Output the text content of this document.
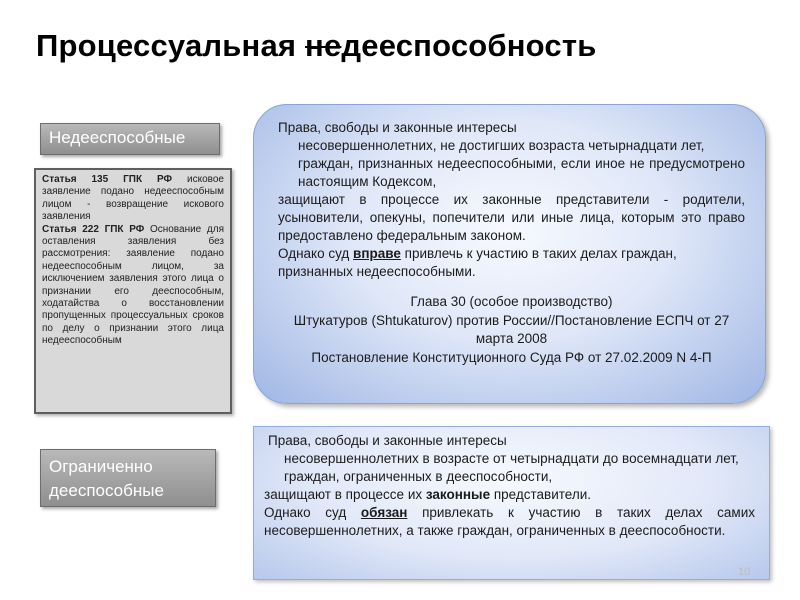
Процессуальная недееспособность
Недееспособные

Статья 135 ГПК РФ исковое заявление подано недееспособным лицом - возвращение искового заявления

Статья 222 ГПК РФ Основание для оставления заявления без рассмотрения: заявление подано недееспособным лицом, за исключением заявления этого лица о признании его дееспособным, ходатайства о восстановлении пропущенных процессуальных сроков по делу о признании этого лица недееспособным

Ограниченно дееспособные
Права, свободы и законные интересы
несовершеннолетних, не достигших возраста четырнадцати лет,
граждан, признанных недееспособными, если иное не предусмотрено настоящим Кодексом,
защищают в процессе их законные представители - родители, усыновители, опекуны, попечители или иные лица, которым это право предоставлено федеральным законом.
Однако суд вправе привлечь к участию в таких делах граждан, признанных недееспособными.
Глава 30 (особое производство)
Штукатуров (Shtukaturov) против России//Постановление ЕСПЧ от 27 марта 2008
Постановление Конституционного Суда РФ от 27.02.2009 N 4-П
Права, свободы и законные интересы
несовершеннолетних в возрасте от четырнадцати до восемнадцати лет,
граждан, ограниченных в дееспособности,
защищают в процессе их законные представители.
Однако суд обязан привлекать к участию в таких делах самих несовершеннолетних, а также граждан, ограниченных в дееспособности.
10
